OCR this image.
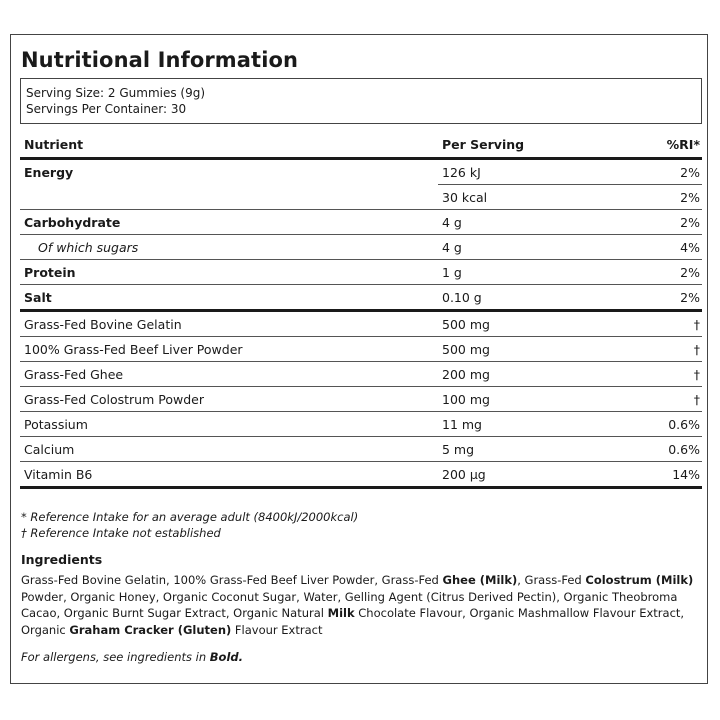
Nutritional Information
Serving Size: 2 Gummies (9g)
Servings Per Container: 30
Nutrient	Per Serving	%RI*
Energy	126 kJ	2%
	30 kcal	2%
Carbohydrate	4 g	2%
Of which sugars	4 g	4%
Protein	1 g	2%
Salt	0.10 g	2%
Grass-Fed Bovine Gelatin	500 mg	†
100% Grass-Fed Beef Liver Powder	500 mg	†
Grass-Fed Ghee	200 mg	†
Grass-Fed Colostrum Powder	100 mg	†
Potassium	11 mg	0.6%
Calcium	5 mg	0.6%
Vitamin B6	200 µg	14%
* Reference Intake for an average adult (8400kJ/2000kcal)
† Reference Intake not established
Ingredients
Grass-Fed Bovine Gelatin, 100% Grass-Fed Beef Liver Powder, Grass-Fed Ghee (Milk), Grass-Fed Colostrum (Milk) Powder, Organic Honey, Organic Coconut Sugar, Water, Gelling Agent (Citrus Derived Pectin), Organic Theobroma Cacao, Organic Burnt Sugar Extract, Organic Natural Milk Chocolate Flavour, Organic Mashmallow Flavour Extract, Organic Graham Cracker (Gluten) Flavour Extract
For allergens, see ingredients in Bold.
